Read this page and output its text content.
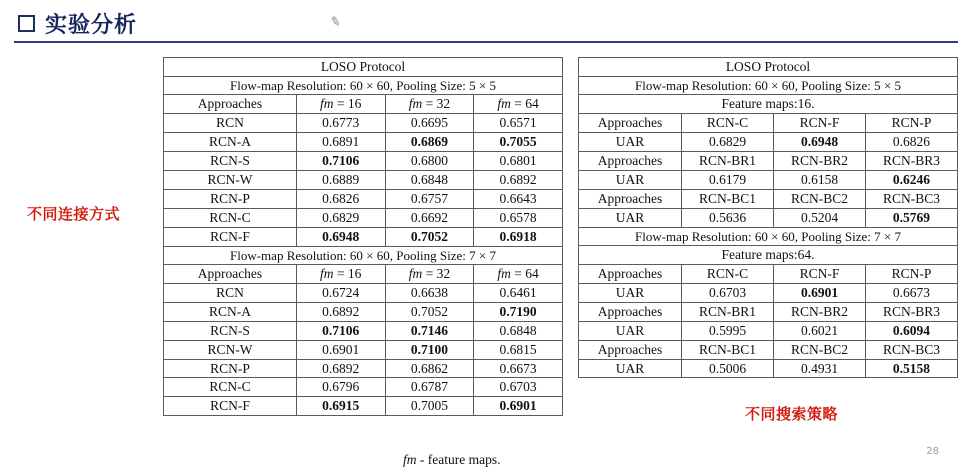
实验分析	✎
不同连接方式
不同搜索策略
LOSO Protocol			
Flow-map Resolution: 60 × 60, Pooling Size: 5 × 5			
Approaches	fm = 16	fm = 32	fm = 64
RCN	0.6773	0.6695	0.6571
RCN-A	0.6891	0.6869	0.7055
RCN-S	0.7106	0.6800	0.6801
RCN-W	0.6889	0.6848	0.6892
RCN-P	0.6826	0.6757	0.6643
RCN-C	0.6829	0.6692	0.6578
RCN-F	0.6948	0.7052	0.6918
Flow-map Resolution: 60 × 60, Pooling Size: 7 × 7			
Approaches	fm = 16	fm = 32	fm = 64
RCN	0.6724	0.6638	0.6461
RCN-A	0.6892	0.7052	0.7190
RCN-S	0.7106	0.7146	0.6848
RCN-W	0.6901	0.7100	0.6815
RCN-P	0.6892	0.6862	0.6673
RCN-C	0.6796	0.6787	0.6703
RCN-F	0.6915	0.7005	0.6901
LOSO Protocol			
Flow-map Resolution: 60 × 60, Pooling Size: 5 × 5			
Feature maps:16.			
Approaches	RCN-C	RCN-F	RCN-P
UAR	0.6829	0.6948	0.6826
Approaches	RCN-BR1	RCN-BR2	RCN-BR3
UAR	0.6179	0.6158	0.6246
Approaches	RCN-BC1	RCN-BC2	RCN-BC3
UAR	0.5636	0.5204	0.5769
Flow-map Resolution: 60 × 60, Pooling Size: 7 × 7			
Feature maps:64.			
Approaches	RCN-C	RCN-F	RCN-P
UAR	0.6703	0.6901	0.6673
Approaches	RCN-BR1	RCN-BR2	RCN-BR3
UAR	0.5995	0.6021	0.6094
Approaches	RCN-BC1	RCN-BC2	RCN-BC3
UAR	0.5006	0.4931	0.5158
fm - feature maps.
28
